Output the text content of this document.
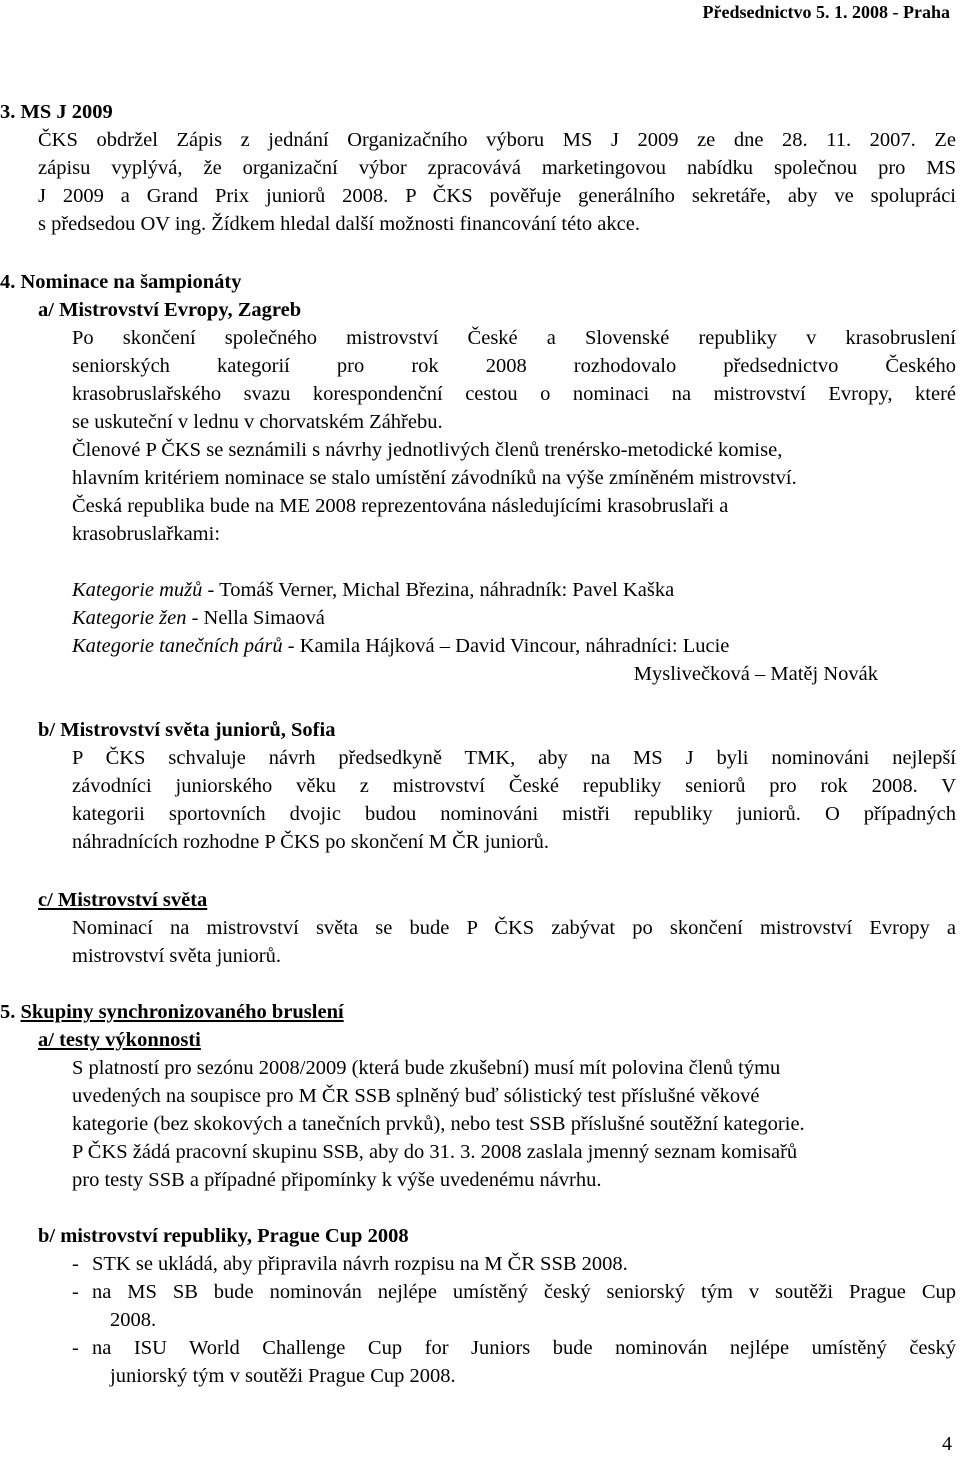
Předsednictvo 5. 1. 2008 - Praha
3. MS J 2009
ČKS obdržel Zápis z jednání Organizačního výboru MS J 2009 ze dne 28. 11. 2007. Ze
zápisu vyplývá, že organizační výbor zpracovává marketingovou nabídku společnou pro MS
J 2009 a Grand Prix juniorů 2008. P ČKS pověřuje generálního sekretáře, aby ve spolupráci
s předsedou OV ing. Žídkem hledal další možnosti financování této akce.
4. Nominace na šampionáty
a/ Mistrovství Evropy, Zagreb
Po skončení společného mistrovství České a Slovenské republiky v krasobruslení
seniorských kategorií pro rok 2008 rozhodovalo předsednictvo Českého
krasobruslařského svazu korespondenční cestou o nominaci na mistrovství Evropy, které
se uskuteční v lednu v chorvatském Záhřebu.
Členové P ČKS se seznámili s návrhy jednotlivých členů trenérsko-metodické komise,
hlavním kritériem nominace se stalo umístění závodníků na výše zmíněném mistrovství.
Česká republika bude na ME 2008 reprezentována následujícími krasobruslaři a
krasobruslařkami:
Kategorie mužů - Tomáš Verner, Michal Březina, náhradník: Pavel Kaška
Kategorie žen - Nella Simaová
Kategorie tanečních párů - Kamila Hájková – David Vincour, náhradníci: Lucie
Myslivečková – Matěj Novák
b/ Mistrovství světa juniorů, Sofia
P ČKS schvaluje návrh předsedkyně TMK, aby na MS J byli nominováni nejlepší
závodníci juniorského věku z mistrovství České republiky seniorů pro rok 2008. V
kategorii sportovních dvojic budou nominováni mistři republiky juniorů. O případných
náhradnících rozhodne P ČKS po skončení M ČR juniorů.
c/ Mistrovství světa
Nominací na mistrovství světa se bude P ČKS zabývat po skončení mistrovství Evropy a
mistrovství světa juniorů.
5. Skupiny synchronizovaného bruslení
a/ testy výkonnosti
S platností pro sezónu 2008/2009 (která bude zkušební) musí mít polovina členů týmu
uvedených na soupisce pro M ČR SSB splněný buď sólistický test příslušné věkové
kategorie (bez skokových a tanečních prvků), nebo test SSB příslušné soutěžní kategorie.
P ČKS žádá pracovní skupinu SSB, aby do 31. 3. 2008 zaslala jmenný seznam komisařů
pro testy SSB a případné připomínky k výše uvedenému návrhu.
b/ mistrovství republiky, Prague Cup 2008
- STK se ukládá, aby připravila návrh rozpisu na M ČR SSB 2008.
- na MS SB bude nominován nejlépe umístěný český seniorský tým v soutěži Prague Cup
2008.
- na ISU World Challenge Cup for Juniors bude nominován nejlépe umístěný český
juniorský tým v soutěži Prague Cup 2008.
4
